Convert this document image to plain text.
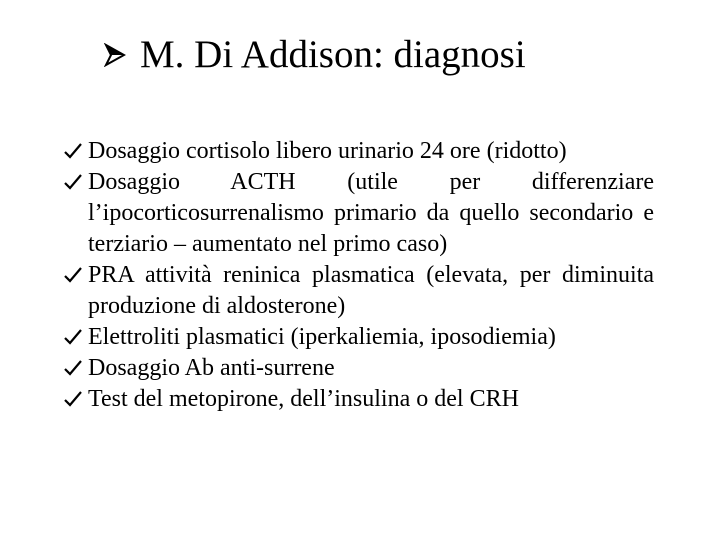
M. Di Addison: diagnosi
Dosaggio cortisolo libero urinario 24 ore (ridotto)
Dosaggio ACTH (utile per differenziare l’ipocorticosurrenalismo primario da quello secondario e terziario – aumentato nel primo caso)
PRA attività reninica plasmatica (elevata, per diminuita produzione di aldosterone)
Elettroliti plasmatici (iperkaliemia, iposodiemia)
Dosaggio Ab anti-surrene
Test del metopirone, dell’insulina o del CRH
